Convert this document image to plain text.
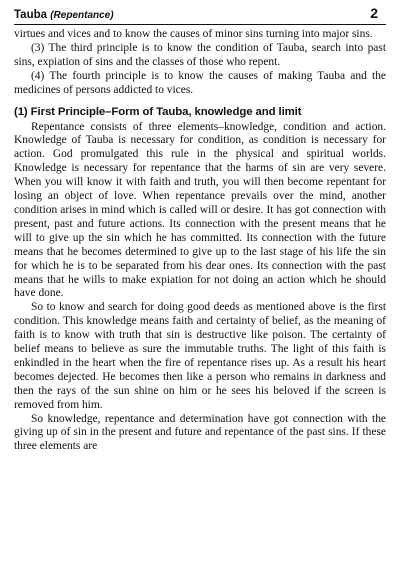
Tauba (Repentance)	2

virtues and vices and to know the causes of minor sins turning into major sins.

(3) The third principle is to know the condition of Tauba, search into past sins, expiation of sins and the classes of those who repent.

(4) The fourth principle is to know the causes of making Tauba and the medicines of persons addicted to vices.

(1) First Principle–Form of Tauba, knowledge and limit

Repentance consists of three elements–knowledge, condition and action. Knowledge of Tauba is necessary for condition, as condition is necessary for action. God promulgated this rule in the physical and spiritual worlds. Knowledge is necessary for repentance that the harms of sin are very severe. When you will know it with faith and truth, you will then become repentant for losing an object of love. When repentance prevails over the mind, another condition arises in mind which is called will or desire. It has got connection with present, past and future actions. Its connection with the present means that he will to give up the sin which he has committed. Its connection with the future means that he becomes determined to give up to the last stage of his life the sin for which he is to be separated from his dear ones. Its connection with the past means that he wills to make expiation for not doing an action which he should have done.

So to know and search for doing good deeds as mentioned above is the first condition. This knowledge means faith and certainty of belief, as the meaning of faith is to know with truth that sin is destructive like poison. The certainty of belief means to believe as sure the immutable truths. The light of this faith is enkindled in the heart when the fire of repentance rises up. As a result his heart becomes dejected. He becomes then like a person who remains in darkness and then the rays of the sun shine on him or he sees his beloved if the screen is removed from him.

So knowledge, repentance and determination have got connection with the giving up of sin in the present and future and repentance of the past sins. If these three elements are
